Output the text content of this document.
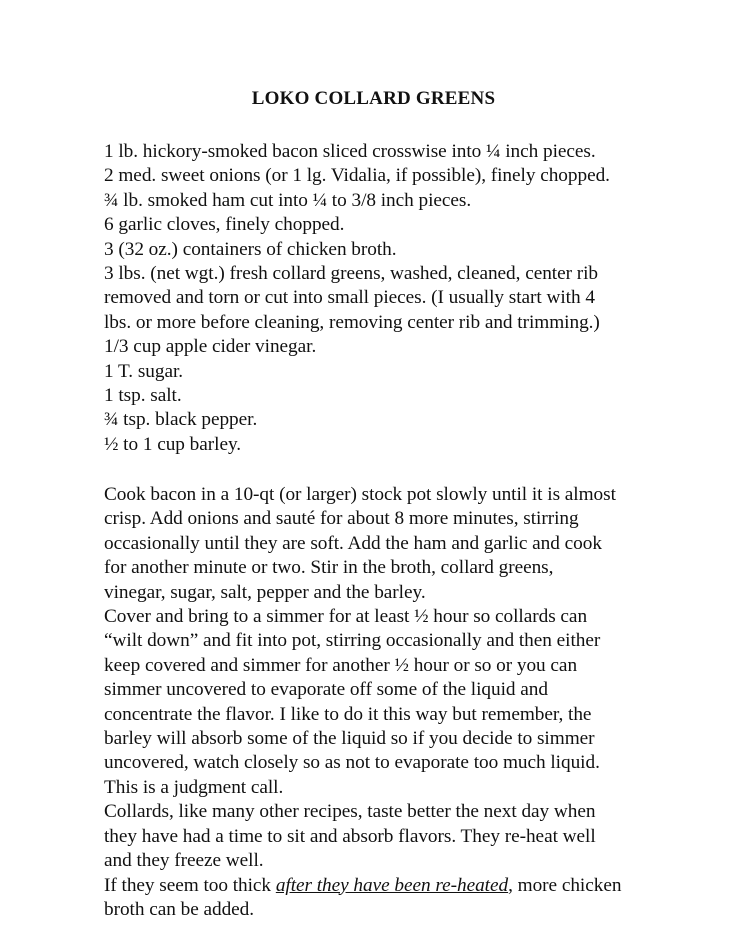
LOKO COLLARD GREENS
1 lb. hickory-smoked bacon sliced crosswise into ¼ inch pieces.
2 med. sweet onions (or 1 lg. Vidalia, if possible), finely chopped.
¾ lb. smoked ham cut into ¼ to 3/8 inch pieces.
6 garlic cloves, finely chopped.
3 (32 oz.) containers of chicken broth.
3 lbs. (net wgt.) fresh collard greens, washed, cleaned, center rib
removed and torn or cut into small pieces. (I usually start with 4
lbs. or more before cleaning, removing center rib and trimming.)
1/3 cup apple cider vinegar.
1 T. sugar.
1 tsp. salt.
¾ tsp. black pepper.
½ to 1 cup barley.
Cook bacon in a 10-qt (or larger) stock pot slowly until it is almost
crisp. Add onions and sauté for about 8 more minutes, stirring
occasionally until they are soft. Add the ham and garlic and cook
for another minute or two. Stir in the broth, collard greens,
vinegar, sugar, salt, pepper and the barley.
Cover and bring to a simmer for at least ½ hour so collards can
“wilt down” and fit into pot, stirring occasionally and then either
keep covered and simmer for another ½ hour or so or you can
simmer uncovered to evaporate off some of the liquid and
concentrate the flavor. I like to do it this way but remember, the
barley will absorb some of the liquid so if you decide to simmer
uncovered, watch closely so as not to evaporate too much liquid.
This is a judgment call.
Collards, like many other recipes, taste better the next day when
they have had a time to sit and absorb flavors. They re-heat well
and they freeze well.
If they seem too thick after they have been re-heated, more chicken
broth can be added.
